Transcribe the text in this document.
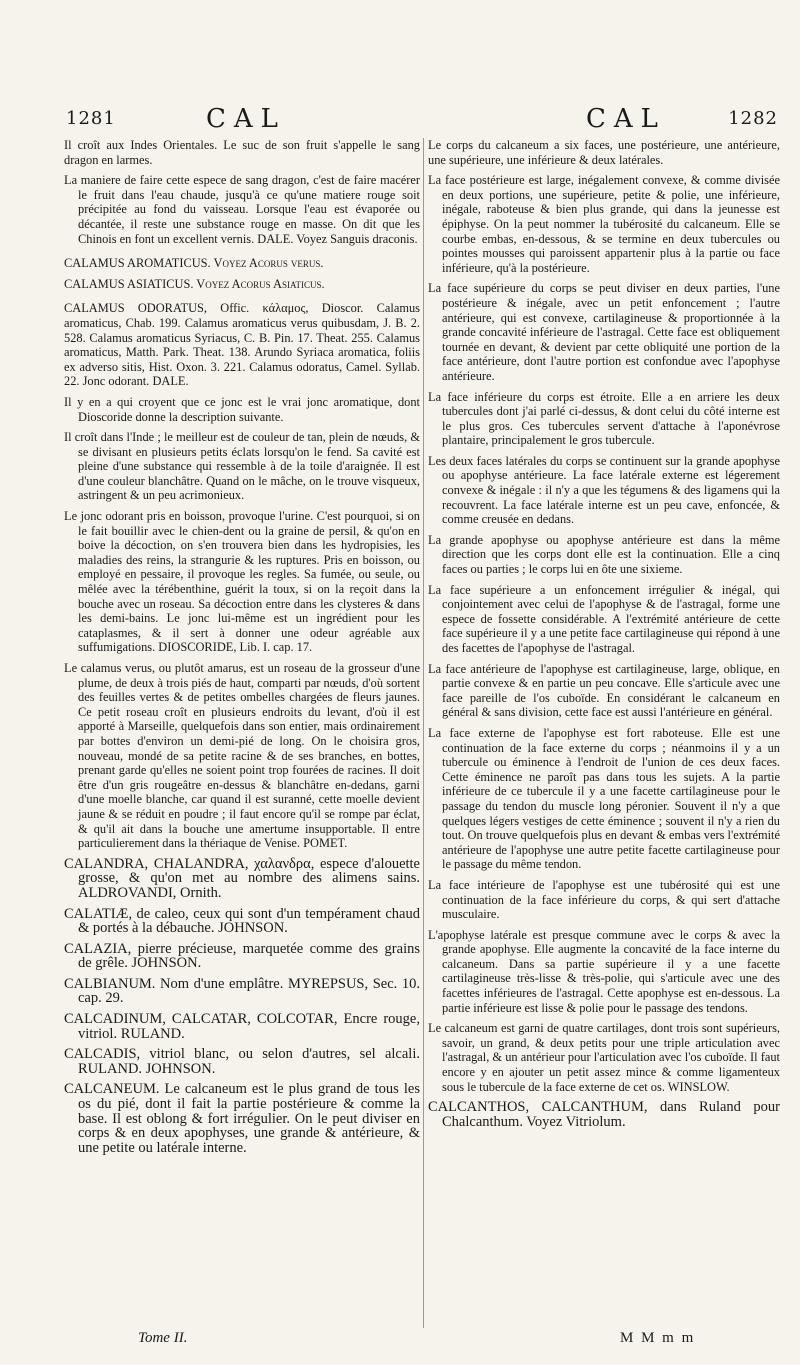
1281	CAL	CAL	1282

Il croît aux Indes Orientales. Le suc de son fruit s'appelle le sang dragon en larmes.

La maniere de faire cette espece de sang dragon, c'est de faire macérer le fruit dans l'eau chaude, jusqu'à ce qu'une matiere rouge soit précipitée au fond du vaisseau. Lorsque l'eau est évaporée ou décantée, il reste une substance rouge en masse. On dit que les Chinois en font un excellent vernis. DALE. Voyez Sanguis draconis.

CALAMUS AROMATICUS. Voyez Acorus verus.

CALAMUS ASIATICUS. Voyez Acorus Asiaticus.

CALAMUS ODORATUS, Offic. κάλαμος, Dioscor. Calamus aromaticus, Chab. 199. Calamus aromaticus verus quibusdam, J. B. 2. 528. Calamus aromaticus Syriacus, C. B. Pin. 17. Theat. 255. Calamus aromaticus, Matth. Park. Theat. 138. Arundo Syriaca aromatica, foliis ex adverso sitis, Hist. Oxon. 3. 221. Calamus odoratus, Camel. Syllab. 22. Jonc odorant. DALE.

Il y en a qui croyent que ce jonc est le vrai jonc aromatique, dont Dioscoride donne la description suivante.

Il croît dans l'Inde ; le meilleur est de couleur de tan, plein de nœuds, & se divisant en plusieurs petits éclats lorsqu'on le fend. Sa cavité est pleine d'une substance qui ressemble à de la toile d'araignée. Il est d'une couleur blanchâtre. Quand on le mâche, on le trouve visqueux, astringent & un peu acrimonieux.

Le jonc odorant pris en boisson, provoque l'urine. C'est pourquoi, si on le fait bouillir avec le chien-dent ou la graine de persil, & qu'on en boive la décoction, on s'en trouvera bien dans les hydropisies, les maladies des reins, la strangurie & les ruptures. Pris en boisson, ou employé en pessaire, il provoque les regles. Sa fumée, ou seule, ou mêlée avec la térébenthine, guérit la toux, si on la reçoit dans la bouche avec un roseau. Sa décoction entre dans les clysteres & dans les demi-bains. Le jonc lui-même est un ingrédient pour les cataplasmes, & il sert à donner une odeur agréable aux suffumigations. DIOSCORIDE, Lib. I. cap. 17.

Le calamus verus, ou plutôt amarus, est un roseau de la grosseur d'une plume, de deux à trois piés de haut, comparti par nœuds, d'où sortent des feuilles vertes & de petites ombelles chargées de fleurs jaunes. Ce petit roseau croît en plusieurs endroits du levant, d'où il est apporté à Marseille, quelquefois dans son entier, mais ordinairement par bottes d'environ un demi-pié de long. On le choisira gros, nouveau, mondé de sa petite racine & de ses branches, en bottes, prenant garde qu'elles ne soient point trop fourées de racines. Il doit être d'un gris rougeâtre en-dessus & blanchâtre en-dedans, garni d'une moelle blanche, car quand il est suranné, cette moelle devient jaune & se réduit en poudre ; il faut encore qu'il se rompe par éclat, & qu'il ait dans la bouche une amertume insupportable. Il entre particulierement dans la thériaque de Venise. POMET.

CALANDRA, CHALANDRA, χαλανδρα, espece d'alouette grosse, & qu'on met au nombre des alimens sains. ALDROVANDI, Ornith.

CALATIÆ, de caleo, ceux qui sont d'un tempérament chaud & portés à la débauche. JOHNSON.

CALAZIA, pierre précieuse, marquetée comme des grains de grêle. JOHNSON.

CALBIANUM. Nom d'une emplâtre. MYREPSUS, Sec. 10. cap. 29.

CALCADINUM, CALCATAR, COLCOTAR, Encre rouge, vitriol. RULAND.

CALCADIS, vitriol blanc, ou selon d'autres, sel alcali. RULAND. JOHNSON.

CALCANEUM. Le calcaneum est le plus grand de tous les os du pié, dont il fait la partie postérieure & comme la base. Il est oblong & fort irrégulier. On le peut diviser en corps & en deux apophyses, une grande & antérieure, & une petite ou latérale interne.

Le corps du calcaneum a six faces, une postérieure, une antérieure, une supérieure, une inférieure & deux latérales.

La face postérieure est large, inégalement convexe, & comme divisée en deux portions, une supérieure, petite & polie, une inférieure, inégale, raboteuse & bien plus grande, qui dans la jeunesse est épiphyse. On la peut nommer la tubérosité du calcaneum. Elle se courbe embas, en-dessous, & se termine en deux tubercules ou pointes mousses qui paroissent appartenir plus à la partie ou face inférieure, qu'à la postérieure.

La face supérieure du corps se peut diviser en deux parties, l'une postérieure & inégale, avec un petit enfoncement ; l'autre antérieure, qui est convexe, cartilagineuse & proportionnée à la grande concavité inférieure de l'astragal. Cette face est obliquement tournée en devant, & devient par cette obliquité une portion de la face antérieure, dont l'autre portion est confondue avec l'apophyse antérieure.

La face inférieure du corps est étroite. Elle a en arriere les deux tubercules dont j'ai parlé ci-dessus, & dont celui du côté interne est le plus gros. Ces tubercules servent d'attache à l'aponévrose plantaire, principalement le gros tubercule.

Les deux faces latérales du corps se continuent sur la grande apophyse ou apophyse antérieure. La face latérale externe est légerement convexe & inégale : il n'y a que les tégumens & des ligamens qui la recouvrent. La face latérale interne est un peu cave, enfoncée, & comme creusée en dedans.

La grande apophyse ou apophyse antérieure est dans la même direction que les corps dont elle est la continuation. Elle a cinq faces ou parties ; le corps lui en ôte une sixieme.

La face supérieure a un enfoncement irrégulier & inégal, qui conjointement avec celui de l'apophyse & de l'astragal, forme une espece de fossette considérable. A l'extrémité antérieure de cette face supérieure il y a une petite face cartilagineuse qui répond à une des facettes de l'apophyse de l'astragal.

La face antérieure de l'apophyse est cartilagineuse, large, oblique, en partie convexe & en partie un peu concave. Elle s'articule avec une face pareille de l'os cuboïde. En considérant le calcaneum en général & sans division, cette face est aussi l'antérieure en général.

La face externe de l'apophyse est fort raboteuse. Elle est une continuation de la face externe du corps ; néanmoins il y a un tubercule ou éminence à l'endroit de l'union de ces deux faces. Cette éminence ne paroît pas dans tous les sujets. A la partie inférieure de ce tubercule il y a une facette cartilagineuse pour le passage du tendon du muscle long péronier. Souvent il n'y a que quelques légers vestiges de cette éminence ; souvent il n'y a rien du tout. On trouve quelquefois plus en devant & embas vers l'extrémité antérieure de l'apophyse une autre petite facette cartilagineuse pour le passage du même tendon.

La face intérieure de l'apophyse est une tubérosité qui est une continuation de la face inférieure du corps, & qui sert d'attache musculaire.

L'apophyse latérale est presque commune avec le corps & avec la grande apophyse. Elle augmente la concavité de la face interne du calcaneum. Dans sa partie supérieure il y a une facette cartilagineuse très-lisse & très-polie, qui s'articule avec une des facettes inférieures de l'astragal. Cette apophyse est en-dessous. La partie inférieure est lisse & polie pour le passage des tendons.

Le calcaneum est garni de quatre cartilages, dont trois sont supérieurs, savoir, un grand, & deux petits pour une triple articulation avec l'astragal, & un antérieur pour l'articulation avec l'os cuboïde. Il faut encore y en ajouter un petit assez mince & comme ligamenteux sous le tubercule de la face externe de cet os. WINSLOW.

CALCANTHOS, CALCANTHUM, dans Ruland pour Chalcanthum. Voyez Vitriolum.

Tome II.	M M m m
